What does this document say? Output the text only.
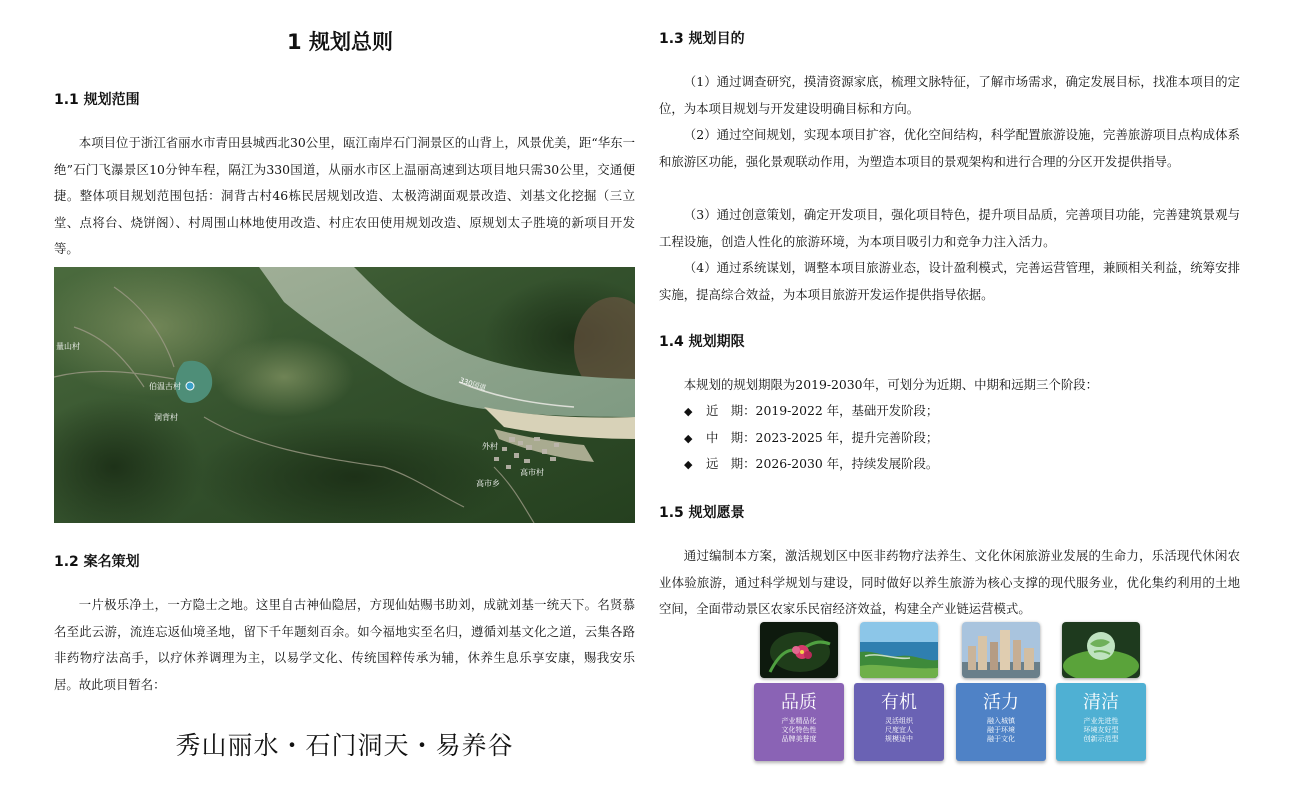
1 规划总则
1.1 规划范围
本项目位于浙江省丽水市青田县城西北30公里，瓯江南岸石门洞景区的山背上，风景优美，距“华东一绝”石门飞瀑景区10分钟车程，隔江为330国道，从丽水市区上温丽高速到达项目地只需30公里，交通便捷。整体项目规划范围包括：洞背古村46栋民居规划改造、太极湾湖面观景改造、刘基文化挖掘（三立堂、点将台、烧饼阁）、村周围山林地使用改造、村庄农田使用规划改造、原规划太子胜境的新项目开发等。
量山村
伯温古村
洞背村
330国道
外村
高市村
高市乡
1.2 案名策划
一片极乐净土，一方隐士之地。这里自古神仙隐居，方现仙姑赐书助刘，成就刘基一统天下。名贤慕名至此云游，流连忘返仙境圣地，留下千年题刻百余。如今福地实至名归，遵循刘基文化之道，云集各路非药物疗法高手，以疗休养调理为主，以易学文化、传统国粹传承为辅，休养生息乐享安康，赐我安乐居。故此项目暂名：
秀山丽水・石门洞天・易养谷
1.3 规划目的
（1）通过调查研究，摸清资源家底，梳理文脉特征，了解市场需求，确定发展目标，找准本项目的定位，为本项目规划与开发建设明确目标和方向。
（2）通过空间规划，实现本项目扩容，优化空间结构，科学配置旅游设施，完善旅游项目点构成体系和旅游区功能，强化景观联动作用，为塑造本项目的景观架构和进行合理的分区开发提供指导。
（3）通过创意策划，确定开发项目，强化项目特色，提升项目品质，完善项目功能，完善建筑景观与工程设施，创造人性化的旅游环境，为本项目吸引力和竞争力注入活力。
（4）通过系统谋划，调整本项目旅游业态，设计盈利模式，完善运营管理，兼顾相关利益，统筹安排实施，提高综合效益，为本项目旅游开发运作提供指导依据。
1.4 规划期限
本规划的规划期限为2019-2030年，可划分为近期、中期和远期三个阶段：
◆ 近　期：2019-2022 年，基础开发阶段；
◆ 中　期：2023-2025 年，提升完善阶段；
◆ 远　期：2026-2030 年，持续发展阶段。
1.5 规划愿景
通过编制本方案，激活规划区中医非药物疗法养生、文化休闲旅游业发展的生命力，乐活现代休闲农业体验旅游，通过科学规划与建设，同时做好以养生旅游为核心支撑的现代服务业，优化集约利用的土地空间，全面带动景区农家乐民宿经济效益，构建全产业链运营模式。
品质
产业精品化
文化特色性
品牌美誉度
有机
灵活组织
尺度宜人
规模适中
活力
融入城镇
融于环境
融于文化
清洁
产业先进性
环境友好型
创新示范型
